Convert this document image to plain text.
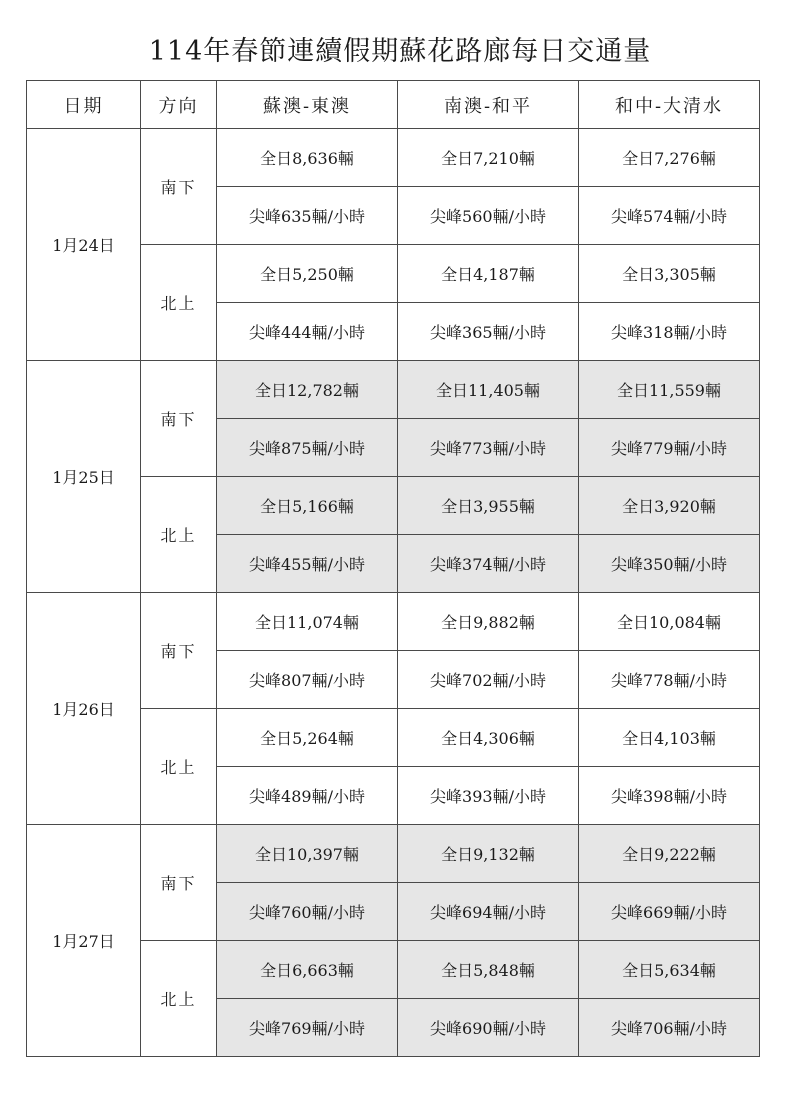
114年春節連續假期蘇花路廊每日交通量
日期	方向	蘇澳-東澳	南澳-和平	和中-大清水
1月24日	南下	全日8,636輛	全日7,210輛	全日7,276輛
		尖峰635輛/小時	尖峰560輛/小時	尖峰574輛/小時
	北上	全日5,250輛	全日4,187輛	全日3,305輛
		尖峰444輛/小時	尖峰365輛/小時	尖峰318輛/小時
1月25日	南下	全日12,782輛	全日11,405輛	全日11,559輛
		尖峰875輛/小時	尖峰773輛/小時	尖峰779輛/小時
	北上	全日5,166輛	全日3,955輛	全日3,920輛
		尖峰455輛/小時	尖峰374輛/小時	尖峰350輛/小時
1月26日	南下	全日11,074輛	全日9,882輛	全日10,084輛
		尖峰807輛/小時	尖峰702輛/小時	尖峰778輛/小時
	北上	全日5,264輛	全日4,306輛	全日4,103輛
		尖峰489輛/小時	尖峰393輛/小時	尖峰398輛/小時
1月27日	南下	全日10,397輛	全日9,132輛	全日9,222輛
		尖峰760輛/小時	尖峰694輛/小時	尖峰669輛/小時
	北上	全日6,663輛	全日5,848輛	全日5,634輛
		尖峰769輛/小時	尖峰690輛/小時	尖峰706輛/小時
